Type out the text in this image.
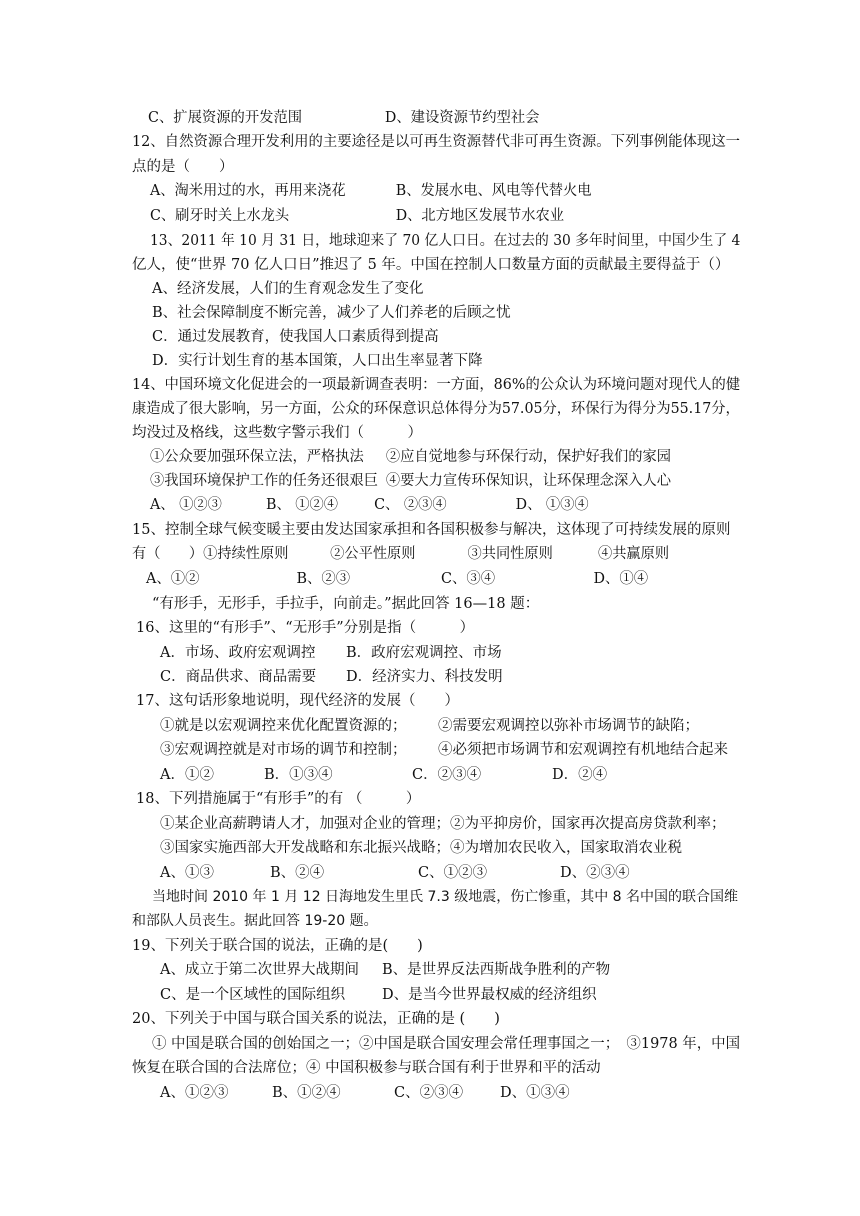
C、扩展资源的开发范围	D、建设资源节约型社会
12、自然资源合理开发利用的主要途径是以可再生资源替代非可再生资源。下列事例能体现这一
点的是（　　）
A、淘米用过的水，再用来浇花	B、发展水电、风电等代替火电
C、刷牙时关上水龙头	D、北方地区发展节水农业
13、2011 年 10 月 31 日，地球迎来了 70 亿人口日。在过去的 30 多年时间里，中国少生了 4
亿人，使“世界 70 亿人口日”推迟了 5 年。中国在控制人口数量方面的贡献最主要得益于（）
A、经济发展，人们的生育观念发生了变化
B、社会保障制度不断完善，减少了人们养老的后顾之忧
C．通过发展教育，使我国人口素质得到提高
D．实行计划生育的基本国策，人口出生率显著下降
14、中国环境文化促进会的一项最新调查表明：一方面，86%的公众认为环境问题对现代人的健
康造成了很大影响，另一方面，公众的环保意识总体得分为57.05分，环保行为得分为55.17分，
均没过及格线，这些数字警示我们（　　　）
①公众要加强环保立法，严格执法 ②应自觉地参与环保行动，保护好我们的家园
③我国环境保护工作的任务还很艰巨 ④要大力宣传环保知识，让环保理念深入人心
A、 ①②③	B、 ①②④ C、 ②③④	D、 ①③④
15、控制全球气候变暖主要由发达国家承担和各国积极参与解决，这体现了可持续发展的原则
有（　　）①持续性原则	②公平性原则	③共同性原则	④共赢原则
A、①②	B、②③	C、③④	D、①④
“有形手，无形手，手拉手，向前走。”据此回答 16—18 题：
16、这里的“有形手”、“无形手”分别是指（　　　）
A．市场、政府宏观调控 B．政府宏观调控、市场
C．商品供求、商品需要 D．经济实力、科技发明
17、这句话形象地说明，现代经济的发展（　　）
①就是以宏观调控来优化配置资源的； ②需要宏观调控以弥补市场调节的缺陷；
③宏观调控就是对市场的调节和控制； ④必须把市场调节和宏观调控有机地结合起来
A．①②	B．①③④	C．②③④	D．②④
18、下列措施属于“有形手”的有 （　　　）
①某企业高薪聘请人才，加强对企业的管理；②为平抑房价，国家再次提高房贷款利率；
③国家实施西部大开发战略和东北振兴战略；④为增加农民收入，国家取消农业税
A、①③	B、②④	C、①②③	D、②③④
当地时间 2010 年 1 月 12 日海地发生里氏 7.3 级地震，伤亡惨重，其中 8 名中国的联合国维
和部队人员丧生。据此回答 19-20 题。
19、下列关于联合国的说法，正确的是(　　)
A、成立于第二次世界大战期间 B、是世界反法西斯战争胜利的产物
C、是一个区域性的国际组织	D、是当今世界最权威的经济组织
20、下列关于中国与联合国关系的说法，正确的是 (　　)
① 中国是联合国的创始国之一；②中国是联合国安理会常任理事国之一；　③1978 年，中国
恢复在联合国的合法席位；④ 中国积极参与联合国有利于世界和平的活动
A、①②③	B、①②④	C、②③④	D、①③④
